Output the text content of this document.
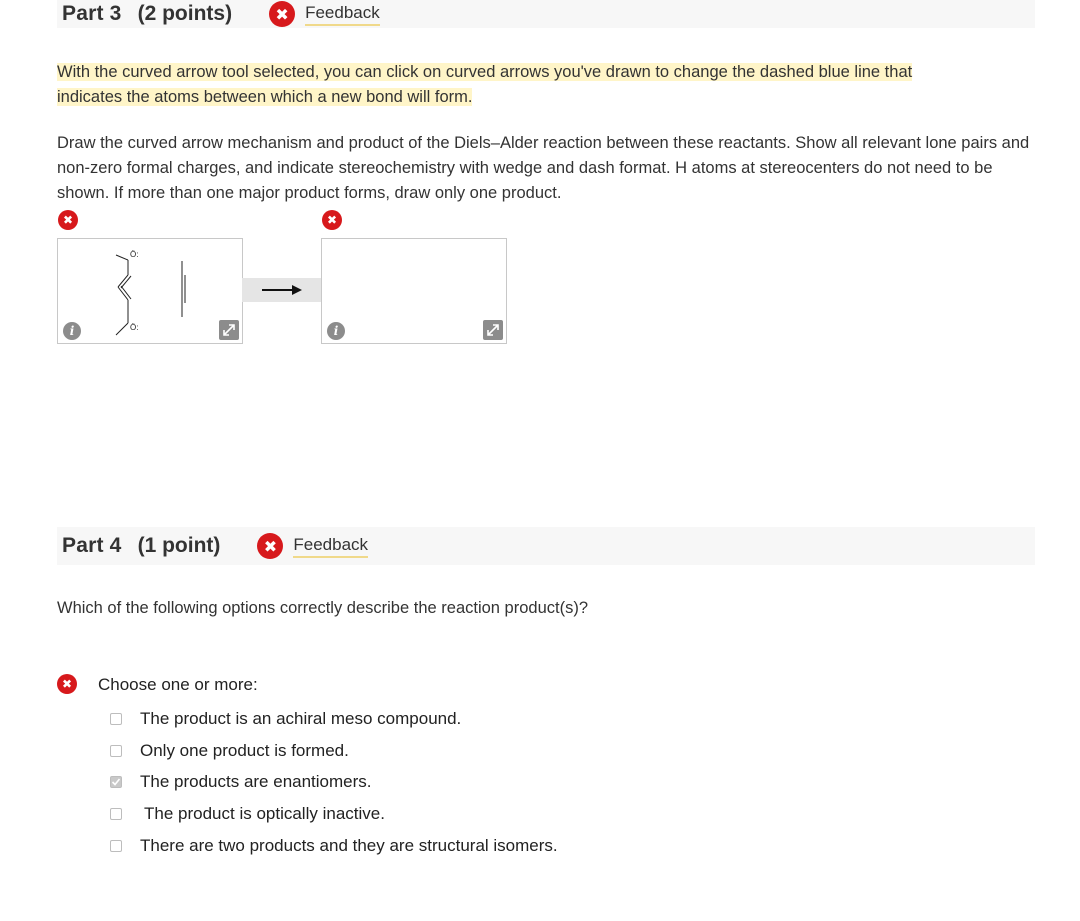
Part 3 (2 points)	✖ Feedback
With the curved arrow tool selected, you can click on curved arrows you've drawn to change the dashed blue line that
indicates the atoms between which a new bond will form.
Draw the curved arrow mechanism and product of the Diels–Alder reaction between these reactants. Show all relevant lone pairs and non-zero formal charges, and indicate stereochemistry with wedge and dash format. H atoms at stereocenters do not need to be shown. If more than one major product forms, draw only one product.
✖	✖
Ö:
Ö:
i	i
Part 4 (1 point)	✖ Feedback
Which of the following options correctly describe the reaction product(s)?
✖ Choose one or more:
The product is an achiral meso compound.
Only one product is formed.
The products are enantiomers.
The product is optically inactive.
There are two products and they are structural isomers.
